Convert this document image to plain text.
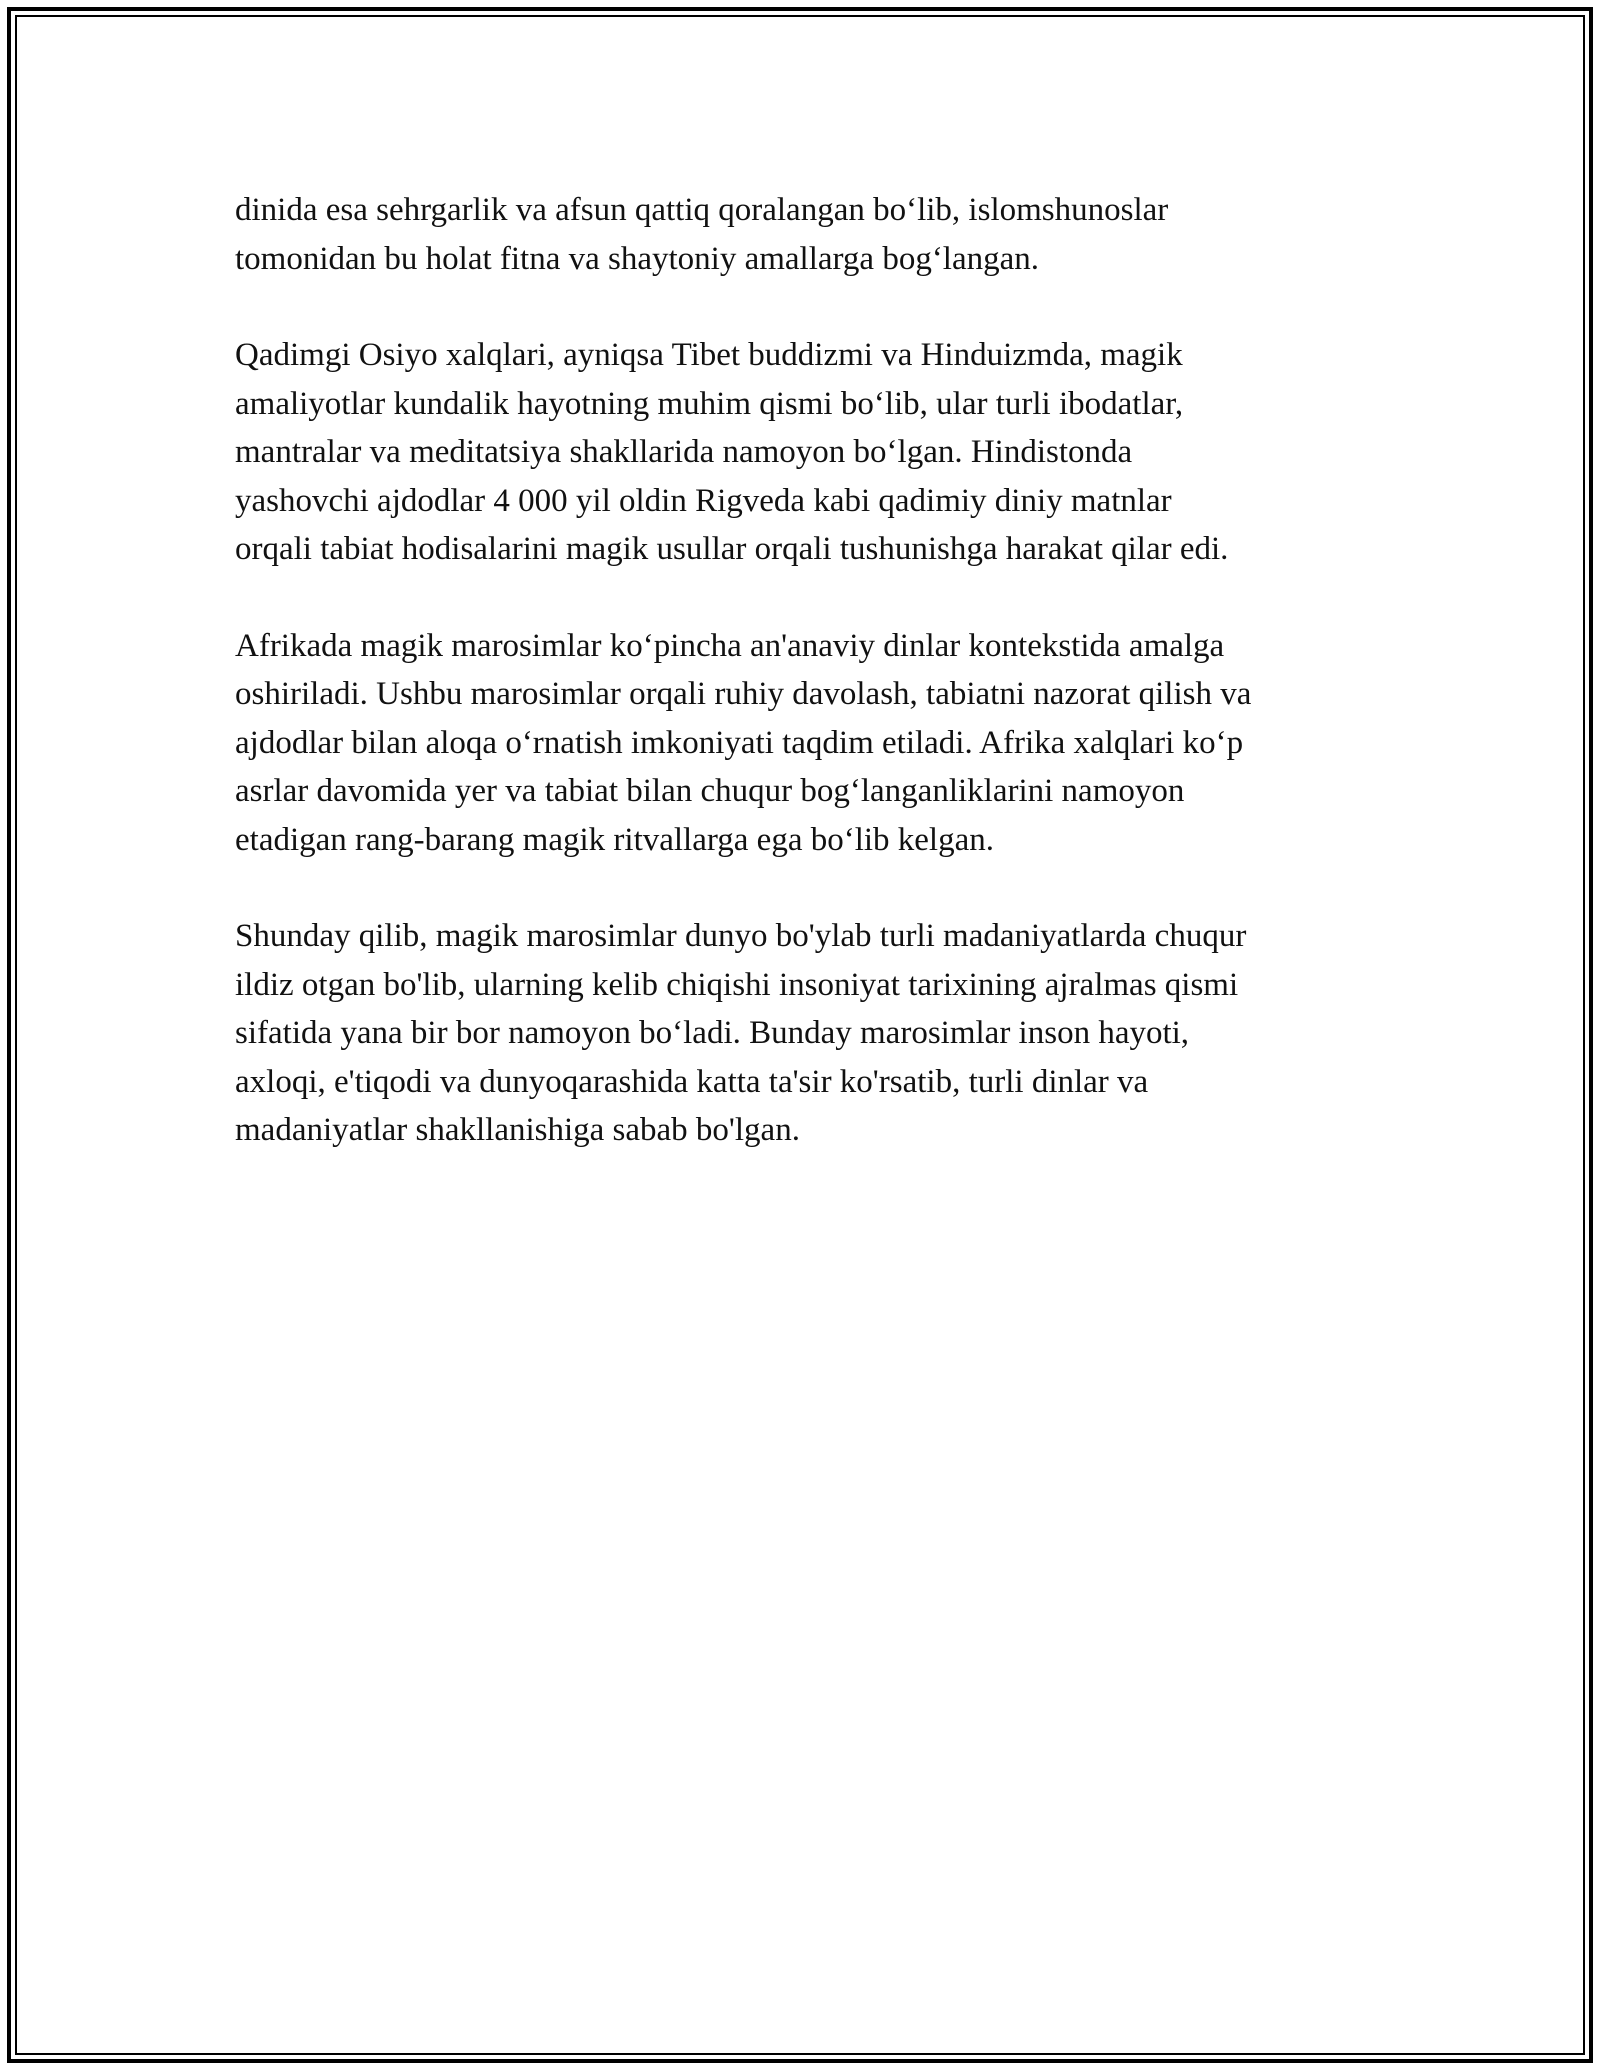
dinida esa sehrgarlik va afsun qattiq qoralangan bo‘lib, islomshunoslar
tomonidan bu holat fitna va shaytoniy amallarga bog‘langan.

Qadimgi Osiyo xalqlari, ayniqsa Tibet buddizmi va Hinduizmda, magik
amaliyotlar kundalik hayotning muhim qismi bo‘lib, ular turli ibodatlar,
mantralar va meditatsiya shakllarida namoyon bo‘lgan. Hindistonda
yashovchi ajdodlar 4 000 yil oldin Rigveda kabi qadimiy diniy matnlar
orqali tabiat hodisalarini magik usullar orqali tushunishga harakat qilar edi.

Afrikada magik marosimlar ko‘pincha an'anaviy dinlar kontekstida amalga
oshiriladi. Ushbu marosimlar orqali ruhiy davolash, tabiatni nazorat qilish va
ajdodlar bilan aloqa o‘rnatish imkoniyati taqdim etiladi. Afrika xalqlari ko‘p
asrlar davomida yer va tabiat bilan chuqur bog‘langanliklarini namoyon
etadigan rang-barang magik ritvallarga ega bo‘lib kelgan.

Shunday qilib, magik marosimlar dunyo bo'ylab turli madaniyatlarda chuqur
ildiz otgan bo'lib, ularning kelib chiqishi insoniyat tarixining ajralmas qismi
sifatida yana bir bor namoyon bo‘ladi. Bunday marosimlar inson hayoti,
axloqi, e'tiqodi va dunyoqarashida katta ta'sir ko'rsatib, turli dinlar va
madaniyatlar shakllanishiga sabab bo'lgan.
